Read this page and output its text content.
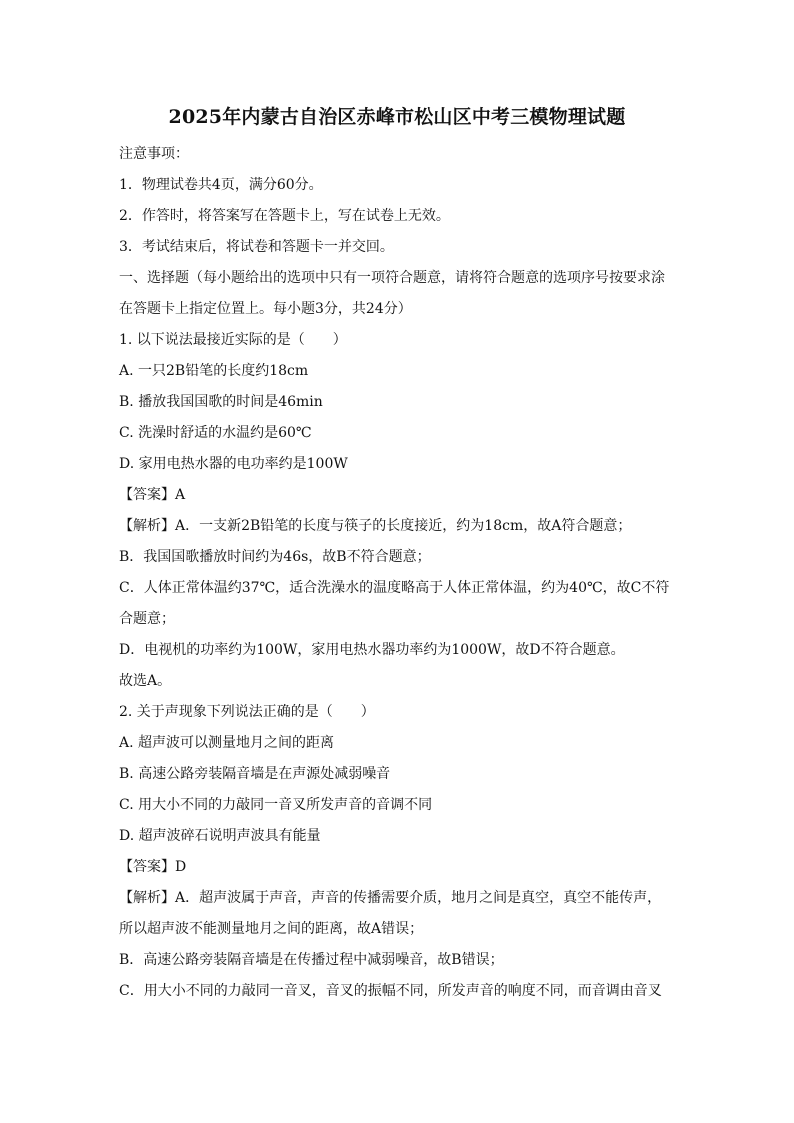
2025年内蒙古自治区赤峰市松山区中考三模物理试题
注意事项：
1．物理试卷共4页，满分60分。
2．作答时，将答案写在答题卡上，写在试卷上无效。
3．考试结束后，将试卷和答题卡一并交回。
一、选择题（每小题给出的选项中只有一项符合题意，请将符合题意的选项序号按要求涂
在答题卡上指定位置上。每小题3分，共24分）
1. 以下说法最接近实际的是（　　）
A. 一只2B铅笔的长度约18cm
B. 播放我国国歌的时间是46min
C. 洗澡时舒适的水温约是60℃
D. 家用电热水器的电功率约是100W
【答案】A
【解析】A．一支新2B铅笔的长度与筷子的长度接近，约为18cm，故A符合题意；
B．我国国歌播放时间约为46s，故B不符合题意；
C．人体正常体温约37℃，适合洗澡水的温度略高于人体正常体温，约为40℃，故C不符
合题意；
D．电视机的功率约为100W，家用电热水器功率约为1000W，故D不符合题意。
故选A。
2. 关于声现象下列说法正确的是（　　）
A. 超声波可以测量地月之间的距离
B. 高速公路旁装隔音墙是在声源处减弱噪音
C. 用大小不同的力敲同一音叉所发声音的音调不同
D. 超声波碎石说明声波具有能量
【答案】D
【解析】A．超声波属于声音，声音的传播需要介质，地月之间是真空，真空不能传声，
所以超声波不能测量地月之间的距离，故A错误；
B．高速公路旁装隔音墙是在传播过程中减弱噪音，故B错误；
C．用大小不同的力敲同一音叉，音叉的振幅不同，所发声音的响度不同，而音调由音叉
